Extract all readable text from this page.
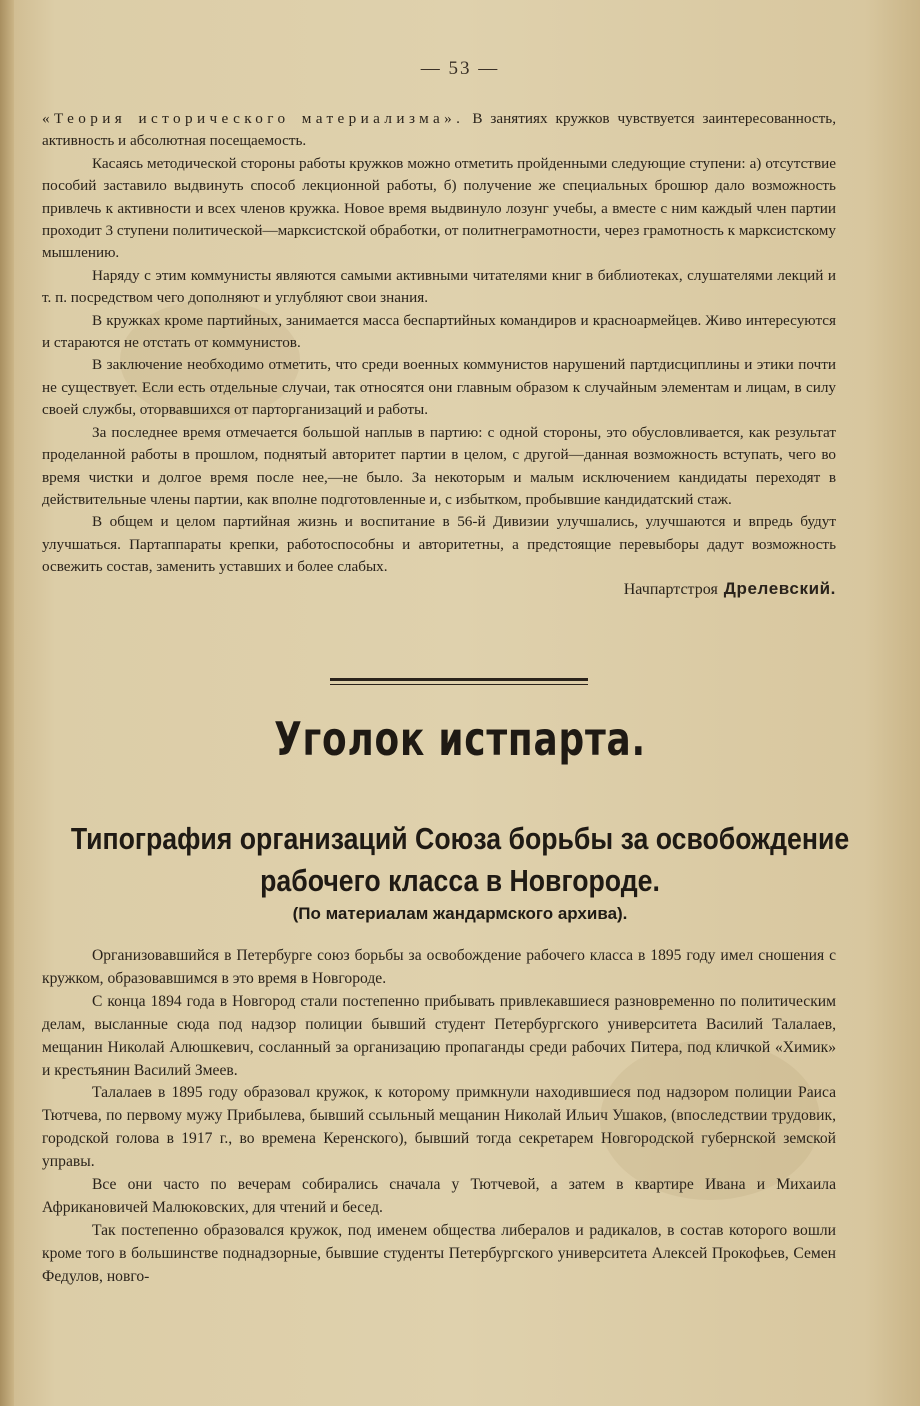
— 53 —

«Теория исторического материализма». В занятиях кружков чувствуется заинтересованность, активность и абсолютная посещаемость.

Касаясь методической стороны работы кружков можно отметить пройденными следующие ступени: а) отсутствие пособий заставило выдвинуть способ лекционной работы, б) получение же специальных брошюр дало возможность привлечь к активности и всех членов кружка. Новое время выдвинуло лозунг учебы, а вместе с ним каждый член партии проходит 3 ступени политической—марксистской обработки, от политнеграмотности, через грамотность к марксистскому мышлению.

Наряду с этим коммунисты являются самыми активными читателями книг в библиотеках, слушателями лекций и т. п. посредством чего дополняют и углубляют свои знания.

В кружках кроме партийных, занимается масса беспартийных командиров и красноармейцев. Живо интересуются и стараются не отстать от коммунистов.

В заключение необходимо отметить, что среди военных коммунистов нарушений партдисциплины и этики почти не существует. Если есть отдельные случаи, так относятся они главным образом к случайным элементам и лицам, в силу своей службы, оторвавшихся от парторганизаций и работы.

За последнее время отмечается большой наплыв в партию: с одной стороны, это обусловливается, как результат проделанной работы в прошлом, поднятый авторитет партии в целом, с другой—данная возможность вступать, чего во время чистки и долгое время после нее,—не было. За некоторым и малым исключением кандидаты переходят в действительные члены партии, как вполне подготовленные и, с избытком, пробывшие кандидатский стаж.

В общем и целом партийная жизнь и воспитание в 56-й Дивизии улучшались, улучшаются и впредь будут улучшаться. Партаппараты крепки, работоспособны и авторитетны, а предстоящие перевыборы дадут возможность освежить состав, заменить уставших и более слабых.

Начпартстроя Дрелевский.
Уголок истпарта.
Типография организаций Союза борьбы за освобождение
рабочего класса в Новгороде.
(По материалам жандармского архива).

Организовавшийся в Петербурге союз борьбы за освобождение рабочего класса в 1895 году имел сношения с кружком, образовавшимся в это время в Новгороде.

С конца 1894 года в Новгород стали постепенно прибывать привлекавшиеся разновременно по политическим делам, высланные сюда под надзор полиции бывший студент Петербургского университета Василий Талалаев, мещанин Николай Алюшкевич, сосланный за организацию пропаганды среди рабочих Питера, под кличкой «Химик» и крестьянин Василий Змеев.

Талалаев в 1895 году образовал кружок, к которому примкнули находившиеся под надзором полиции Раиса Тютчева, по первому мужу Прибылева, бывший ссыльный мещанин Николай Ильич Ушаков, (впоследствии трудовик, городской голова в 1917 г., во времена Керенского), бывший тогда секретарем Новгородской губернской земской управы.

Все они часто по вечерам собирались сначала у Тютчевой, а затем в квартире Ивана и Михаила Африкановичей Малюковских, для чтений и бесед.

Так постепенно образовался кружок, под именем общества либералов и радикалов, в состав которого вошли кроме того в большинстве поднадзорные, бывшие студенты Петербургского университета Алексей Прокофьев, Семен Федулов, новго-
